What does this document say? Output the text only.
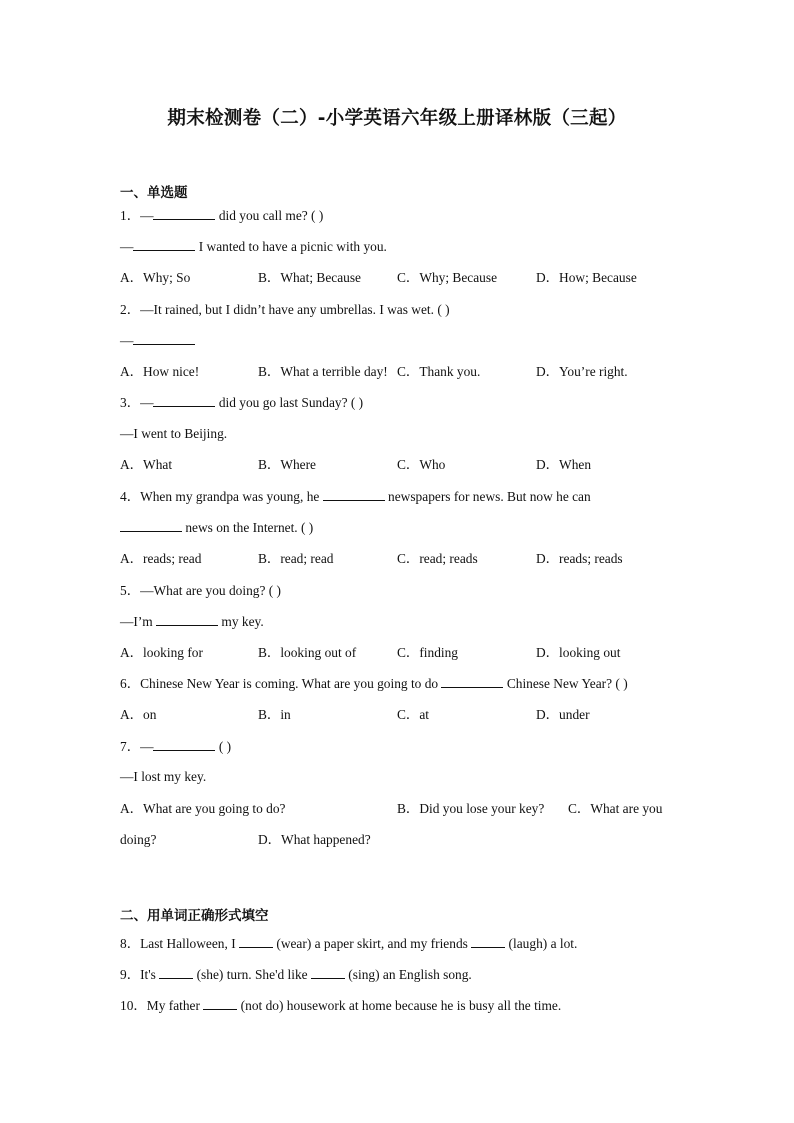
期末检测卷（二）-小学英语六年级上册译林版（三起）
一、单选题
1．—	did you call me? ( )
—	I wanted to have a picnic with you.
A．Why; So	B．What; Because	C．Why; Because	D．How; Because
2．—It rained, but I didn’t have any umbrellas. I was wet. ( )
—
A．How nice!	B．What a terrible day! C．Thank you.	D．You’re right.
3．—	did you go last Sunday? ( )
—I went to Beijing.
A．What	B．Where	C．Who	D．When
4．When my grandpa was young, he	newspapers for news. But now he can
news on the Internet. ( )
A．reads; read	B．read; read	C．read; reads	D．reads; reads
5．—What are you doing? ( )
—I’m	my key.
A．looking for	B．looking out of	C．finding	D．looking out
6．Chinese New Year is coming. What are you going to do	Chinese New Year? ( )
A．on	B．in	C．at	D．under
7．—	( )
—I lost my key.
A．What are you going to do?	B．Did you lose your key? C．What are you
doing?	D．What happened?
二、用单词正确形式填空
8．Last Halloween, I	(wear) a paper skirt, and my friends	(laugh) a lot.
9．It's	(she) turn. She'd like	(sing) an English song.
10．My father	(not do) housework at home because he is busy all the time.
